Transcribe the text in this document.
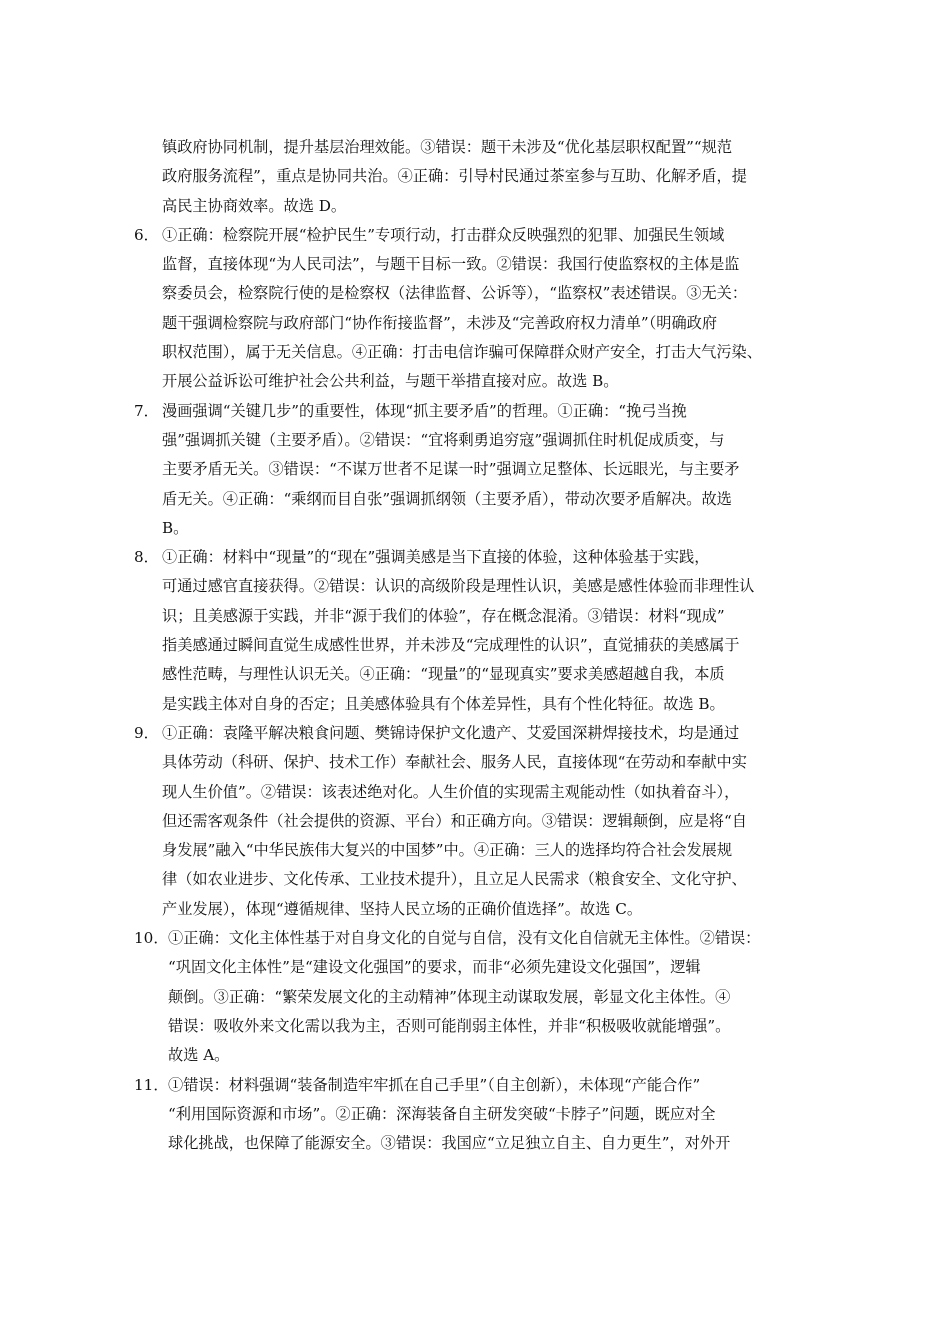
镇政府协同机制，提升基层治理效能。③错误：题干未涉及“优化基层职权配置”“规范
政府服务流程”，重点是协同共治。④正确：引导村民通过茶室参与互助、化解矛盾，提
高民主协商效率。故选 D。
6． ①正确：检察院开展“检护民生”专项行动，打击群众反映强烈的犯罪、加强民生领域
监督，直接体现“为人民司法”，与题干目标一致。②错误：我国行使监察权的主体是监
察委员会，检察院行使的是检察权（法律监督、公诉等），“监察权”表述错误。③无关：
题干强调检察院与政府部门“协作衔接监督”，未涉及“完善政府权力清单”（明确政府
职权范围），属于无关信息。④正确：打击电信诈骗可保障群众财产安全，打击大气污染、
开展公益诉讼可维护社会公共利益，与题干举措直接对应。故选 B。
7． 漫画强调“关键几步”的重要性，体现“抓主要矛盾”的哲理。①正确：“挽弓当挽
强”强调抓关键（主要矛盾）。②错误：“宜将剩勇追穷寇”强调抓住时机促成质变，与
主要矛盾无关。③错误：“不谋万世者不足谋一时”强调立足整体、长远眼光，与主要矛
盾无关。④正确：“乘纲而目自张”强调抓纲领（主要矛盾），带动次要矛盾解决。故选
B。
8． ①正确：材料中“现量”的“现在”强调美感是当下直接的体验，这种体验基于实践，
可通过感官直接获得。②错误：认识的高级阶段是理性认识，美感是感性体验而非理性认
识；且美感源于实践，并非“源于我们的体验”，存在概念混淆。③错误：材料“现成”
指美感通过瞬间直觉生成感性世界，并未涉及“完成理性的认识”，直觉捕获的美感属于
感性范畴，与理性认识无关。④正确：“现量”的“显现真实”要求美感超越自我，本质
是实践主体对自身的否定；且美感体验具有个体差异性，具有个性化特征。故选 B。
9． ①正确：袁隆平解决粮食问题、樊锦诗保护文化遗产、艾爱国深耕焊接技术，均是通过
具体劳动（科研、保护、技术工作）奉献社会、服务人民，直接体现“在劳动和奉献中实
现人生价值”。②错误：该表述绝对化。人生价值的实现需主观能动性（如执着奋斗），
但还需客观条件（社会提供的资源、平台）和正确方向。③错误：逻辑颠倒，应是将“自
身发展”融入“中华民族伟大复兴的中国梦”中。④正确：三人的选择均符合社会发展规
律（如农业进步、文化传承、工业技术提升），且立足人民需求（粮食安全、文化守护、
产业发展），体现“遵循规律、坚持人民立场的正确价值选择”。故选 C。
10． ①正确：文化主体性基于对自身文化的自觉与自信，没有文化自信就无主体性。②错误：
“巩固文化主体性”是“建设文化强国”的要求，而非“必须先建设文化强国”，逻辑
颠倒。③正确：“繁荣发展文化的主动精神”体现主动谋取发展，彰显文化主体性。④
错误：吸收外来文化需以我为主，否则可能削弱主体性，并非“积极吸收就能增强”。
故选 A。
11． ①错误：材料强调“装备制造牢牢抓在自己手里”（自主创新），未体现“产能合作”
“利用国际资源和市场”。②正确：深海装备自主研发突破“卡脖子”问题，既应对全
球化挑战，也保障了能源安全。③错误：我国应“立足独立自主、自力更生”，对外开
